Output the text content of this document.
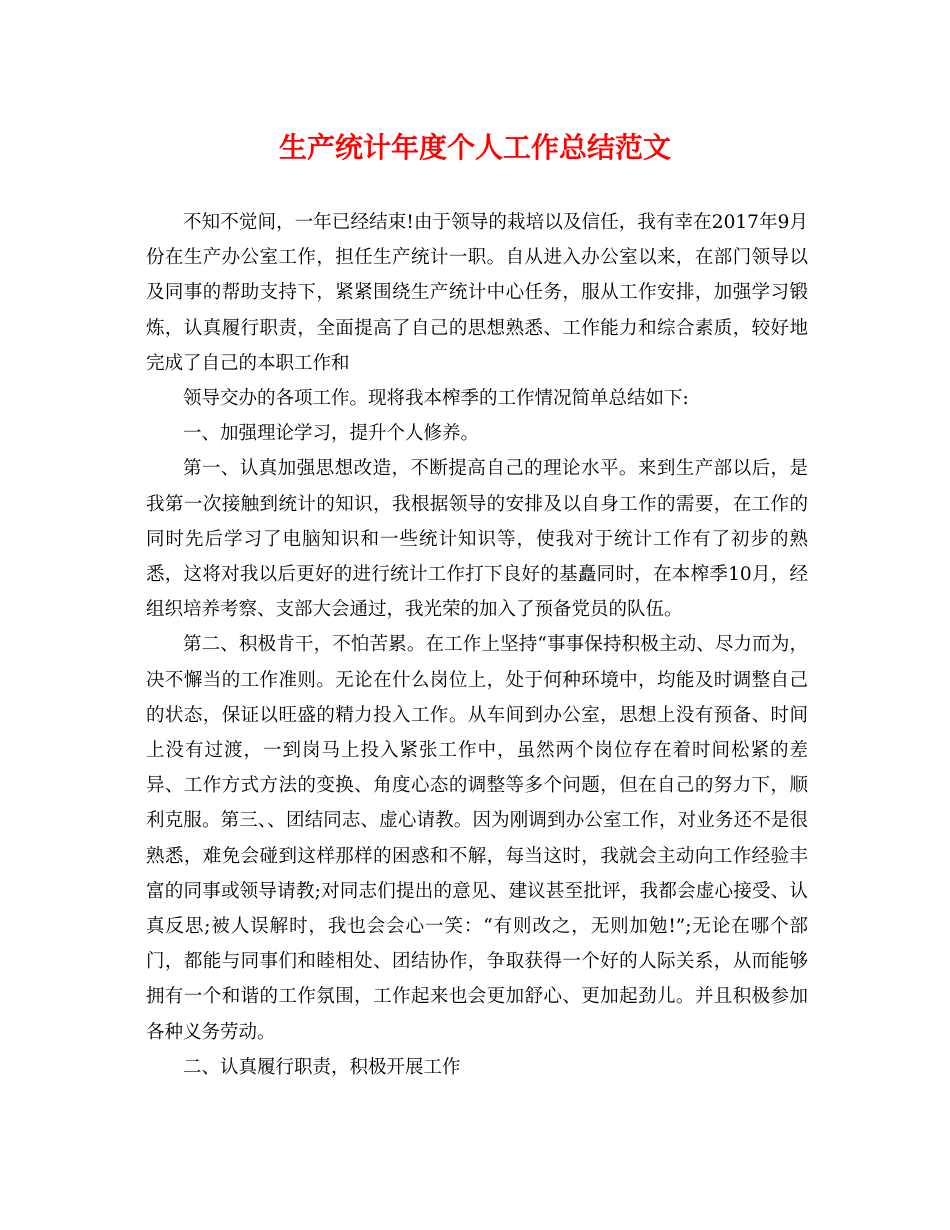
生产统计年度个人工作总结范文

不知不觉间，一年已经结束!由于领导的栽培以及信任，我有幸在2017年9月份在生产办公室工作，担任生产统计一职。自从进入办公室以来，在部门领导以及同事的帮助支持下，紧紧围绕生产统计中心任务，服从工作安排，加强学习锻炼，认真履行职责，全面提高了自己的思想熟悉、工作能力和综合素质，较好地完成了自己的本职工作和

领导交办的各项工作。现将我本榨季的工作情况简单总结如下:

一、加强理论学习，提升个人修养。

第一、认真加强思想改造，不断提高自己的理论水平。来到生产部以后，是我第一次接触到统计的知识，我根据领导的安排及以自身工作的需要，在工作的同时先后学习了电脑知识和一些统计知识等，使我对于统计工作有了初步的熟悉，这将对我以后更好的进行统计工作打下良好的基矗同时，在本榨季10月，经组织培养考察、支部大会通过，我光荣的加入了预备党员的队伍。

第二、积极肯干，不怕苦累。在工作上坚持“事事保持积极主动、尽力而为，决不懈当的工作准则。无论在什么岗位上，处于何种环境中，均能及时调整自己的状态，保证以旺盛的精力投入工作。从车间到办公室，思想上没有预备、时间上没有过渡，一到岗马上投入紧张工作中，虽然两个岗位存在着时间松紧的差异、工作方式方法的变换、角度心态的调整等多个问题，但在自己的努力下，顺利克服。第三、、团结同志、虚心请教。因为刚调到办公室工作，对业务还不是很熟悉，难免会碰到这样那样的困惑和不解，每当这时，我就会主动向工作经验丰富的同事或领导请教;对同志们提出的意见、建议甚至批评，我都会虚心接受、认真反思;被人误解时，我也会会心一笑：“有则改之，无则加勉!”;无论在哪个部门，都能与同事们和睦相处、团结协作，争取获得一个好的人际关系，从而能够拥有一个和谐的工作氛围，工作起来也会更加舒心、更加起劲儿。并且积极参加各种义务劳动。

二、认真履行职责，积极开展工作
